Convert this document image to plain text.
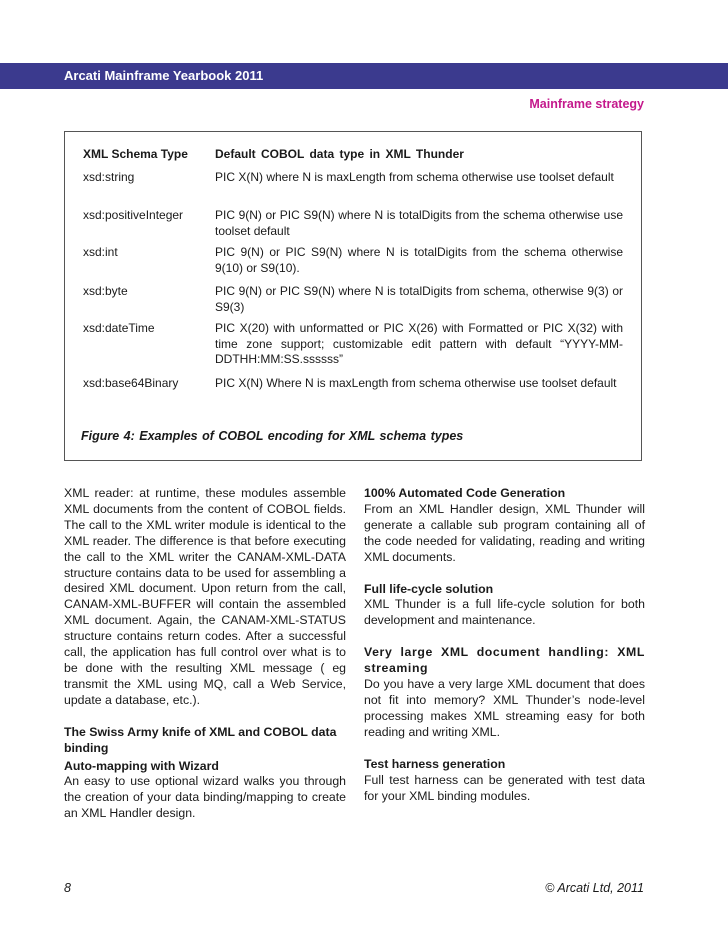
Arcati Mainframe Yearbook 2011
Mainframe strategy
XML Schema Type	Default COBOL data type in XML Thunder
xsd:string	PIC X(N) where N is maxLength from schema otherwise use toolset default
xsd:positiveInteger	PIC 9(N) or PIC S9(N) where N is totalDigits from the schema otherwise use toolset default
xsd:int	PIC 9(N) or PIC S9(N) where N is totalDigits from the schema otherwise 9(10) or S9(10).
xsd:byte	PIC 9(N) or PIC S9(N) where N is totalDigits from schema, otherwise 9(3) or S9(3)
xsd:dateTime	PIC X(20) with unformatted or PIC X(26) with Formatted or PIC X(32) with time zone support; customizable edit pattern with default “YYYY-MM-DDTHH:MM:SS.ssssss”
xsd:base64Binary	PIC X(N) Where N is maxLength from schema otherwise use toolset default
Figure 4: Examples of COBOL encoding for XML schema types

XML reader: at runtime, these modules assemble XML documents from the content of COBOL fields. The call to the XML writer module is identical to the XML reader. The difference is that before executing the call to the XML writer the CANAM-XML-DATA structure contains data to be used for assembling a desired XML document. Upon return from the call, CANAM-XML-BUFFER will contain the assembled XML document. Again, the CANAM-XML-STATUS structure contains return codes. After a successful call, the application has full control over what is to be done with the resulting XML message ( eg transmit the XML using MQ, call a Web Service, update a database, etc.).

The Swiss Army knife of XML and COBOL data binding
Auto-mapping with Wizard

An easy to use optional wizard walks you through the creation of your data binding/mapping to create an XML Handler design.

100% Automated Code Generation

From an XML Handler design, XML Thunder will generate a callable sub program containing all of the code needed for validating, reading and writing XML documents.

Full life-cycle solution

XML Thunder is a full life-cycle solution for both development and maintenance.

Very large XML document handling: XML streaming

Do you have a very large XML document that does not fit into memory? XML Thunder’s node-level processing makes XML streaming easy for both reading and writing XML.

Test harness generation

Full test harness can be generated with test data for your XML binding modules.

8	© Arcati Ltd, 2011
